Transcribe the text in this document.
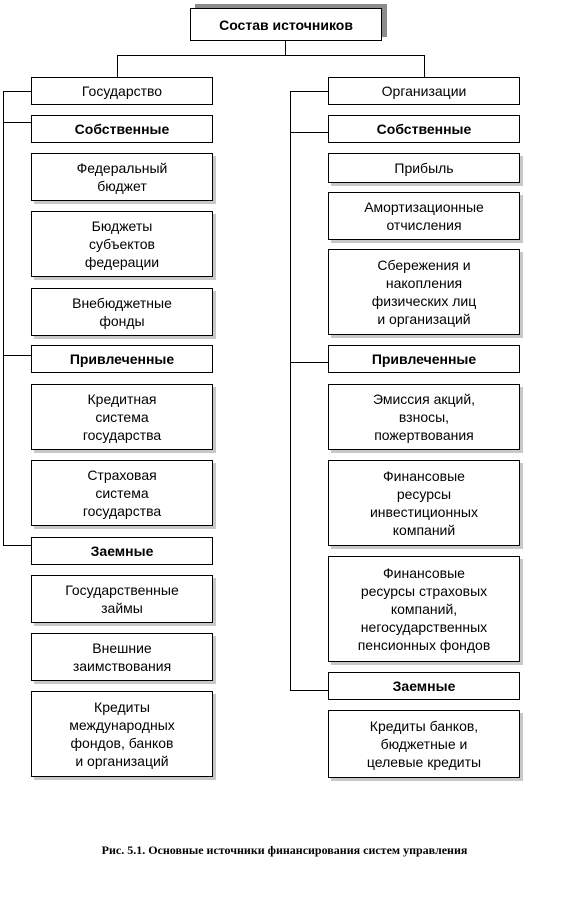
Состав источников
Государство
Собственные
Федеральный
бюджет
Бюджеты
субъектов
федерации
Внебюджетные
фонды
Привлеченные
Кредитная
система
государства
Страховая
система
государства
Заемные
Государственные
займы
Внешние
заимствования
Кредиты
международных
фондов, банков
и организаций
Организации
Собственные
Прибыль
Амортизационные
отчисления
Сбережения и
накопления
физических лиц
и организаций
Привлеченные
Эмиссия акций,
взносы,
пожертвования
Финансовые
ресурсы
инвестиционных
компаний
Финансовые
ресурсы страховых
компаний,
негосударственных
пенсионных фондов
Заемные
Кредиты банков,
бюджетные и
целевые кредиты
Рис. 5.1. Основные источники финансирования систем управления
